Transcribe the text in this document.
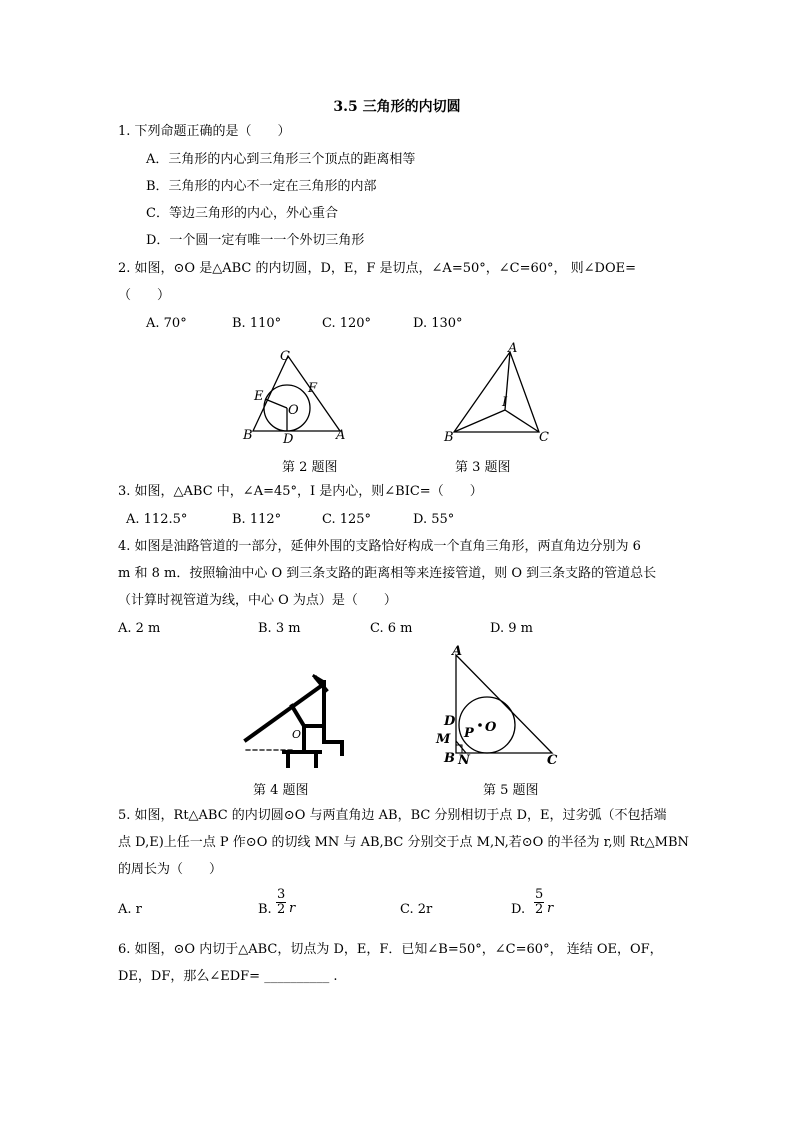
3.5 三角形的内切圆
1. 下列命题正确的是（　　）
A．三角形的内心到三角形三个顶点的距离相等
B．三角形的内心不一定在三角形的内部
C．等边三角形的内心，外心重合
D．一个圆一定有唯一一个外切三角形
2. 如图，⊙O 是△ABC 的内切圆，D，E，F 是切点，∠A=50°，∠C=60°， 则∠DOE=
（　　）
A. 70°	B. 110°	C. 120°	D. 130°
C
F
E
O
B D	A
第 2 题图
A
I
B	C
第 3 题图
3. 如图，△ABC 中，∠A=45°，I 是内心，则∠BIC=（　　）
A. 112.5°	B. 112°	C. 125°	D. 55°
4. 如图是油路管道的一部分，延伸外围的支路恰好构成一个直角三角形，两直角边分别为 6
m 和 8 m．按照输油中心 O 到三条支路的距离相等来连接管道，则 O 到三条支路的管道总长
（计算时视管道为线，中心 O 为点）是（　　）
A. 2 m	B. 3 m	C. 6 m	D. 9 m
O
第 4 题图
A
D
P O
M
B N	C
第 5 题图
5. 如图，Rt△ABC 的内切圆⊙O 与两直角边 AB，BC 分别相切于点 D，E，过劣弧（不包括端
点 D,E)上任一点 P 作⊙O 的切线 MN 与 AB,BC 分别交于点 M,N,若⊙O 的半径为 r,则 Rt△MBN
的周长为（　　）
A. r	B. $\frac{3}{2}$ r	C. 2r	D. $\frac{5}{2}$ r
6. 如图，⊙O 内切于△ABC，切点为 D，E，F．已知∠B=50°，∠C=60°， 连结 OE，OF，
DE，DF，那么∠EDF= __________ .
